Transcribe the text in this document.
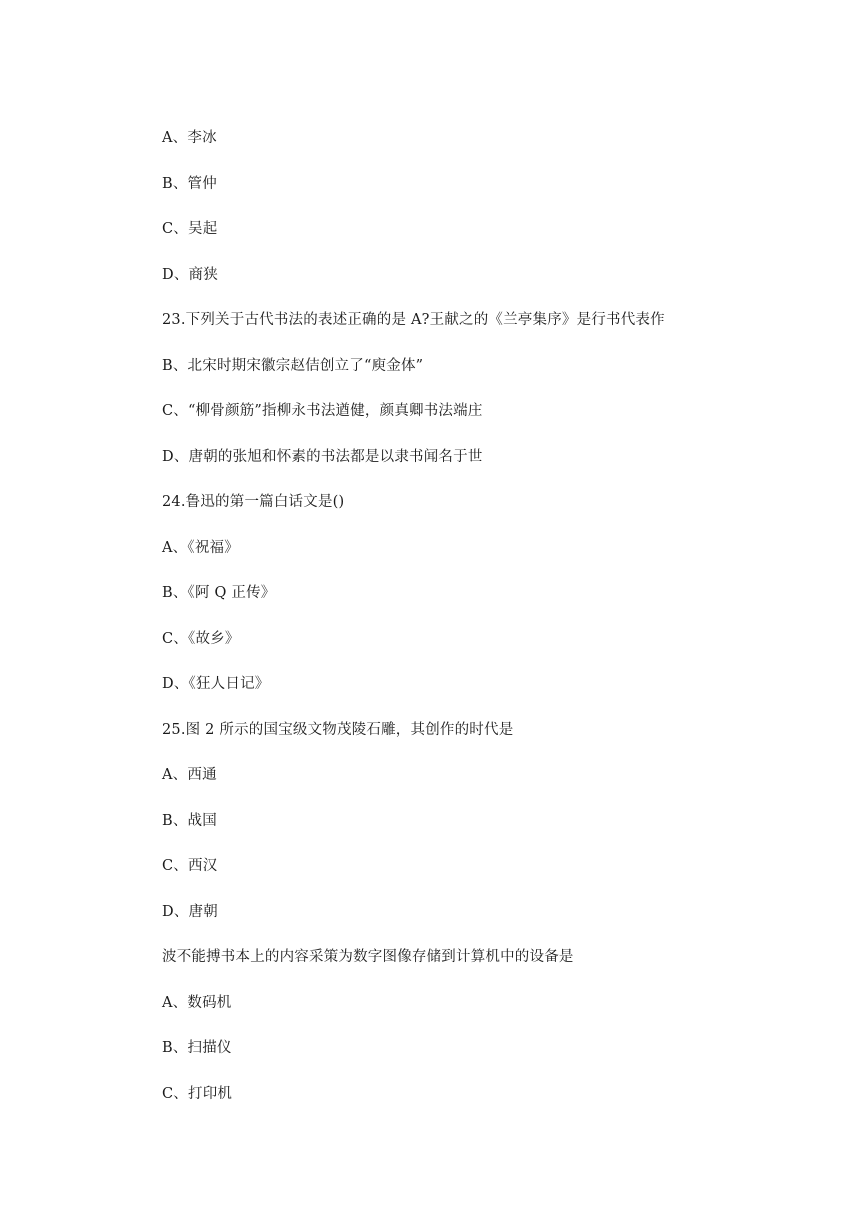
A、李冰
B、管仲
C、吴起
D、商狭
23.下列关于古代书法的表述正确的是 A?王献之的《兰亭集序》是行书代表作
B、北宋时期宋徽宗赵佶创立了“庾金体”
C、“柳骨颜筋”指柳永书法遒健，颜真卿书法端庄
D、唐朝的张旭和怀素的书法都是以隶书闻名于世
24.鲁迅的第一篇白话文是()
A、《祝福》
B、《阿 Q 正传》
C、《故乡》
D、《狂人日记》
25.图 2 所示的国宝级文物茂陵石雕，其创作的时代是
A、西通
B、战国
C、西汉
D、唐朝
波不能搏书本上的内容采策为数字图像存储到计算机中的设备是
A、数码机
B、扫描仪
C、打印机
